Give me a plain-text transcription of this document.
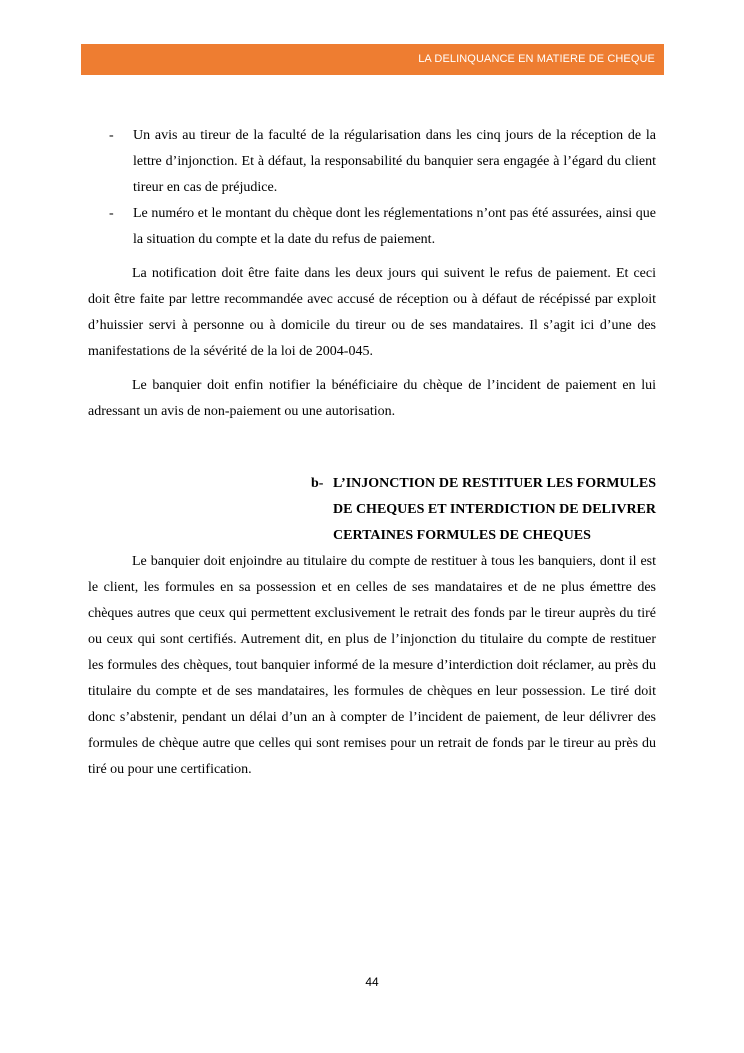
LA DELINQUANCE EN MATIERE DE CHEQUE
- Un avis au tireur de la faculté de la régularisation dans les cinq jours de la réception de la lettre d’injonction. Et à défaut, la responsabilité du banquier sera engagée à l’égard du client tireur en cas de préjudice.
- Le numéro et le montant du chèque dont les réglementations n’ont pas été assurées, ainsi que la situation du compte et la date du refus de paiement.

La notification doit être faite dans les deux jours qui suivent le refus de paiement. Et ceci doit être faite par lettre recommandée avec accusé de réception ou à défaut de récépissé par exploit d’huissier servi à personne ou à domicile du tireur ou de ses mandataires. Il s’agit ici d’une des manifestations de la sévérité de la loi de 2004-045.

Le banquier doit enfin notifier la bénéficiaire du chèque de l’incident de paiement en lui adressant un avis de non-paiement ou une autorisation.

b- L’INJONCTION DE RESTITUER LES FORMULES DE CHEQUES ET INTERDICTION DE DELIVRER CERTAINES FORMULES DE CHEQUES

Le banquier doit enjoindre au titulaire du compte de restituer à tous les banquiers, dont il est le client, les formules en sa possession et en celles de ses mandataires et de ne plus émettre des chèques autres que ceux qui permettent exclusivement le retrait des fonds par le tireur auprès du tiré ou ceux qui sont certifiés. Autrement dit, en plus de l’injonction du titulaire du compte de restituer les formules des chèques, tout banquier informé de la mesure d’interdiction doit réclamer, au près du titulaire du compte et de ses mandataires, les formules de chèques en leur possession. Le tiré doit donc s’abstenir, pendant un délai d’un an à compter de l’incident de paiement, de leur délivrer des formules de chèque autre que celles qui sont remises pour un retrait de fonds par le tireur au près du tiré ou pour une certification.

44
